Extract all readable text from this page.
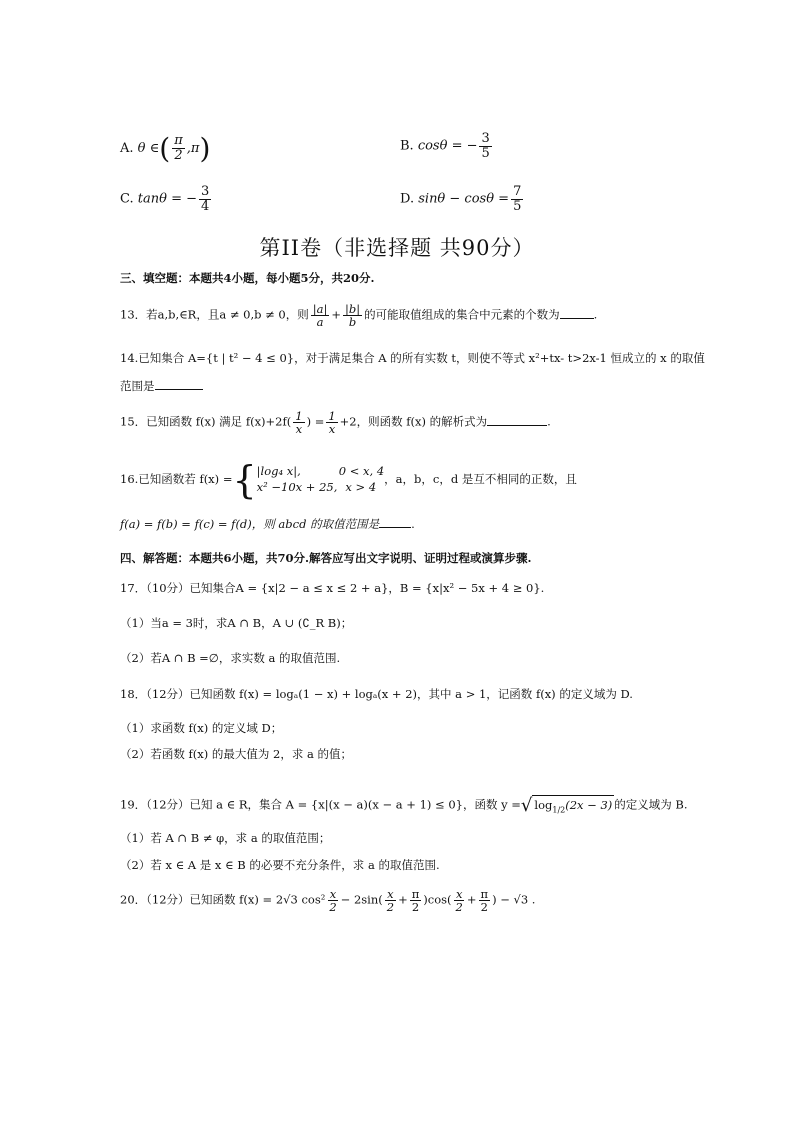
A. θ ∈( $\frac{\pi}{2} ,\pi$)	B. cosθ = − $\frac{3}{5}$
C. tanθ = − $\frac{3}{4}$	D. $\sin\theta - \cos\theta = \frac{7}{5}$
第II卷（非选择题 共90分）
三、填空题：本题共4小题，每小题5分，共20分.
13．若a,b,∈R，且a ≠ 0,b ≠ 0，则 $\frac{|a|}{a} + \frac{|b|}{b}$ 的可能取值组成的集合中元素的个数为	.
14.已知集合 A={t | t² − 4 ≤ 0}，对于满足集合 A 的所有实数 t，则使不等式 x²+tx- t>2x-1 恒成立的 x 的取值
范围是
15．已知函数 f(x) 满足 $f(x)+2f( \frac{1}{x}$ ) = $\frac{1}{x} +2$，则函数 f(x) 的解析式为	.
16.已知函数若 f(x) ={ |log₄ x|,	0 < x, 4
x² −10x + 25, x > 4
，a，b，c，d 是互不相同的正数，且
f(a) = f(b) = f(c) = f(d)，则 abcd 的取值范围是	.
四、解答题：本题共6小题，共70分.解答应写出文字说明、证明过程或演算步骤.
17．（10分）已知集合A = {x|2 − a ≤ x ≤ 2 + a}，B = {x|x² − 5x + 4 ≥ 0}.
（1）当a = 3时，求A ∩ B，A ∪ (∁_R B)；
（2）若A ∩ B =∅，求实数 a 的取值范围.
18．（12分）已知函数 f(x) = logₐ(1 − x) + logₐ(x + 2)，其中 a > 1，记函数 f(x) 的定义域为 D.
（1）求函数 f(x) 的定义域 D；
（2）若函数 f(x) 的最大值为 2，求 a 的值；
19．（12分）已知 a ∈ R，集合 A = {x|(x − a)(x − a + 1) ≤ 0}，函数 y =√ $\log_{1/2}(2x - 3)$ 的定义域为 B.
（1）若 A ∩ B ≠ φ，求 a 的取值范围；
（2）若 x ∈ A 是 x ∈ B 的必要不充分条件，求 a 的取值范围.
20．（12分）已知函数 f(x) = 2√3 $\cos^2 \frac{x}{2} - 2\sin( \frac{x}{2} + \frac{\pi}{2} )\cos( \frac{x}{2} + \frac{\pi}{2}$ ) − √3 .
